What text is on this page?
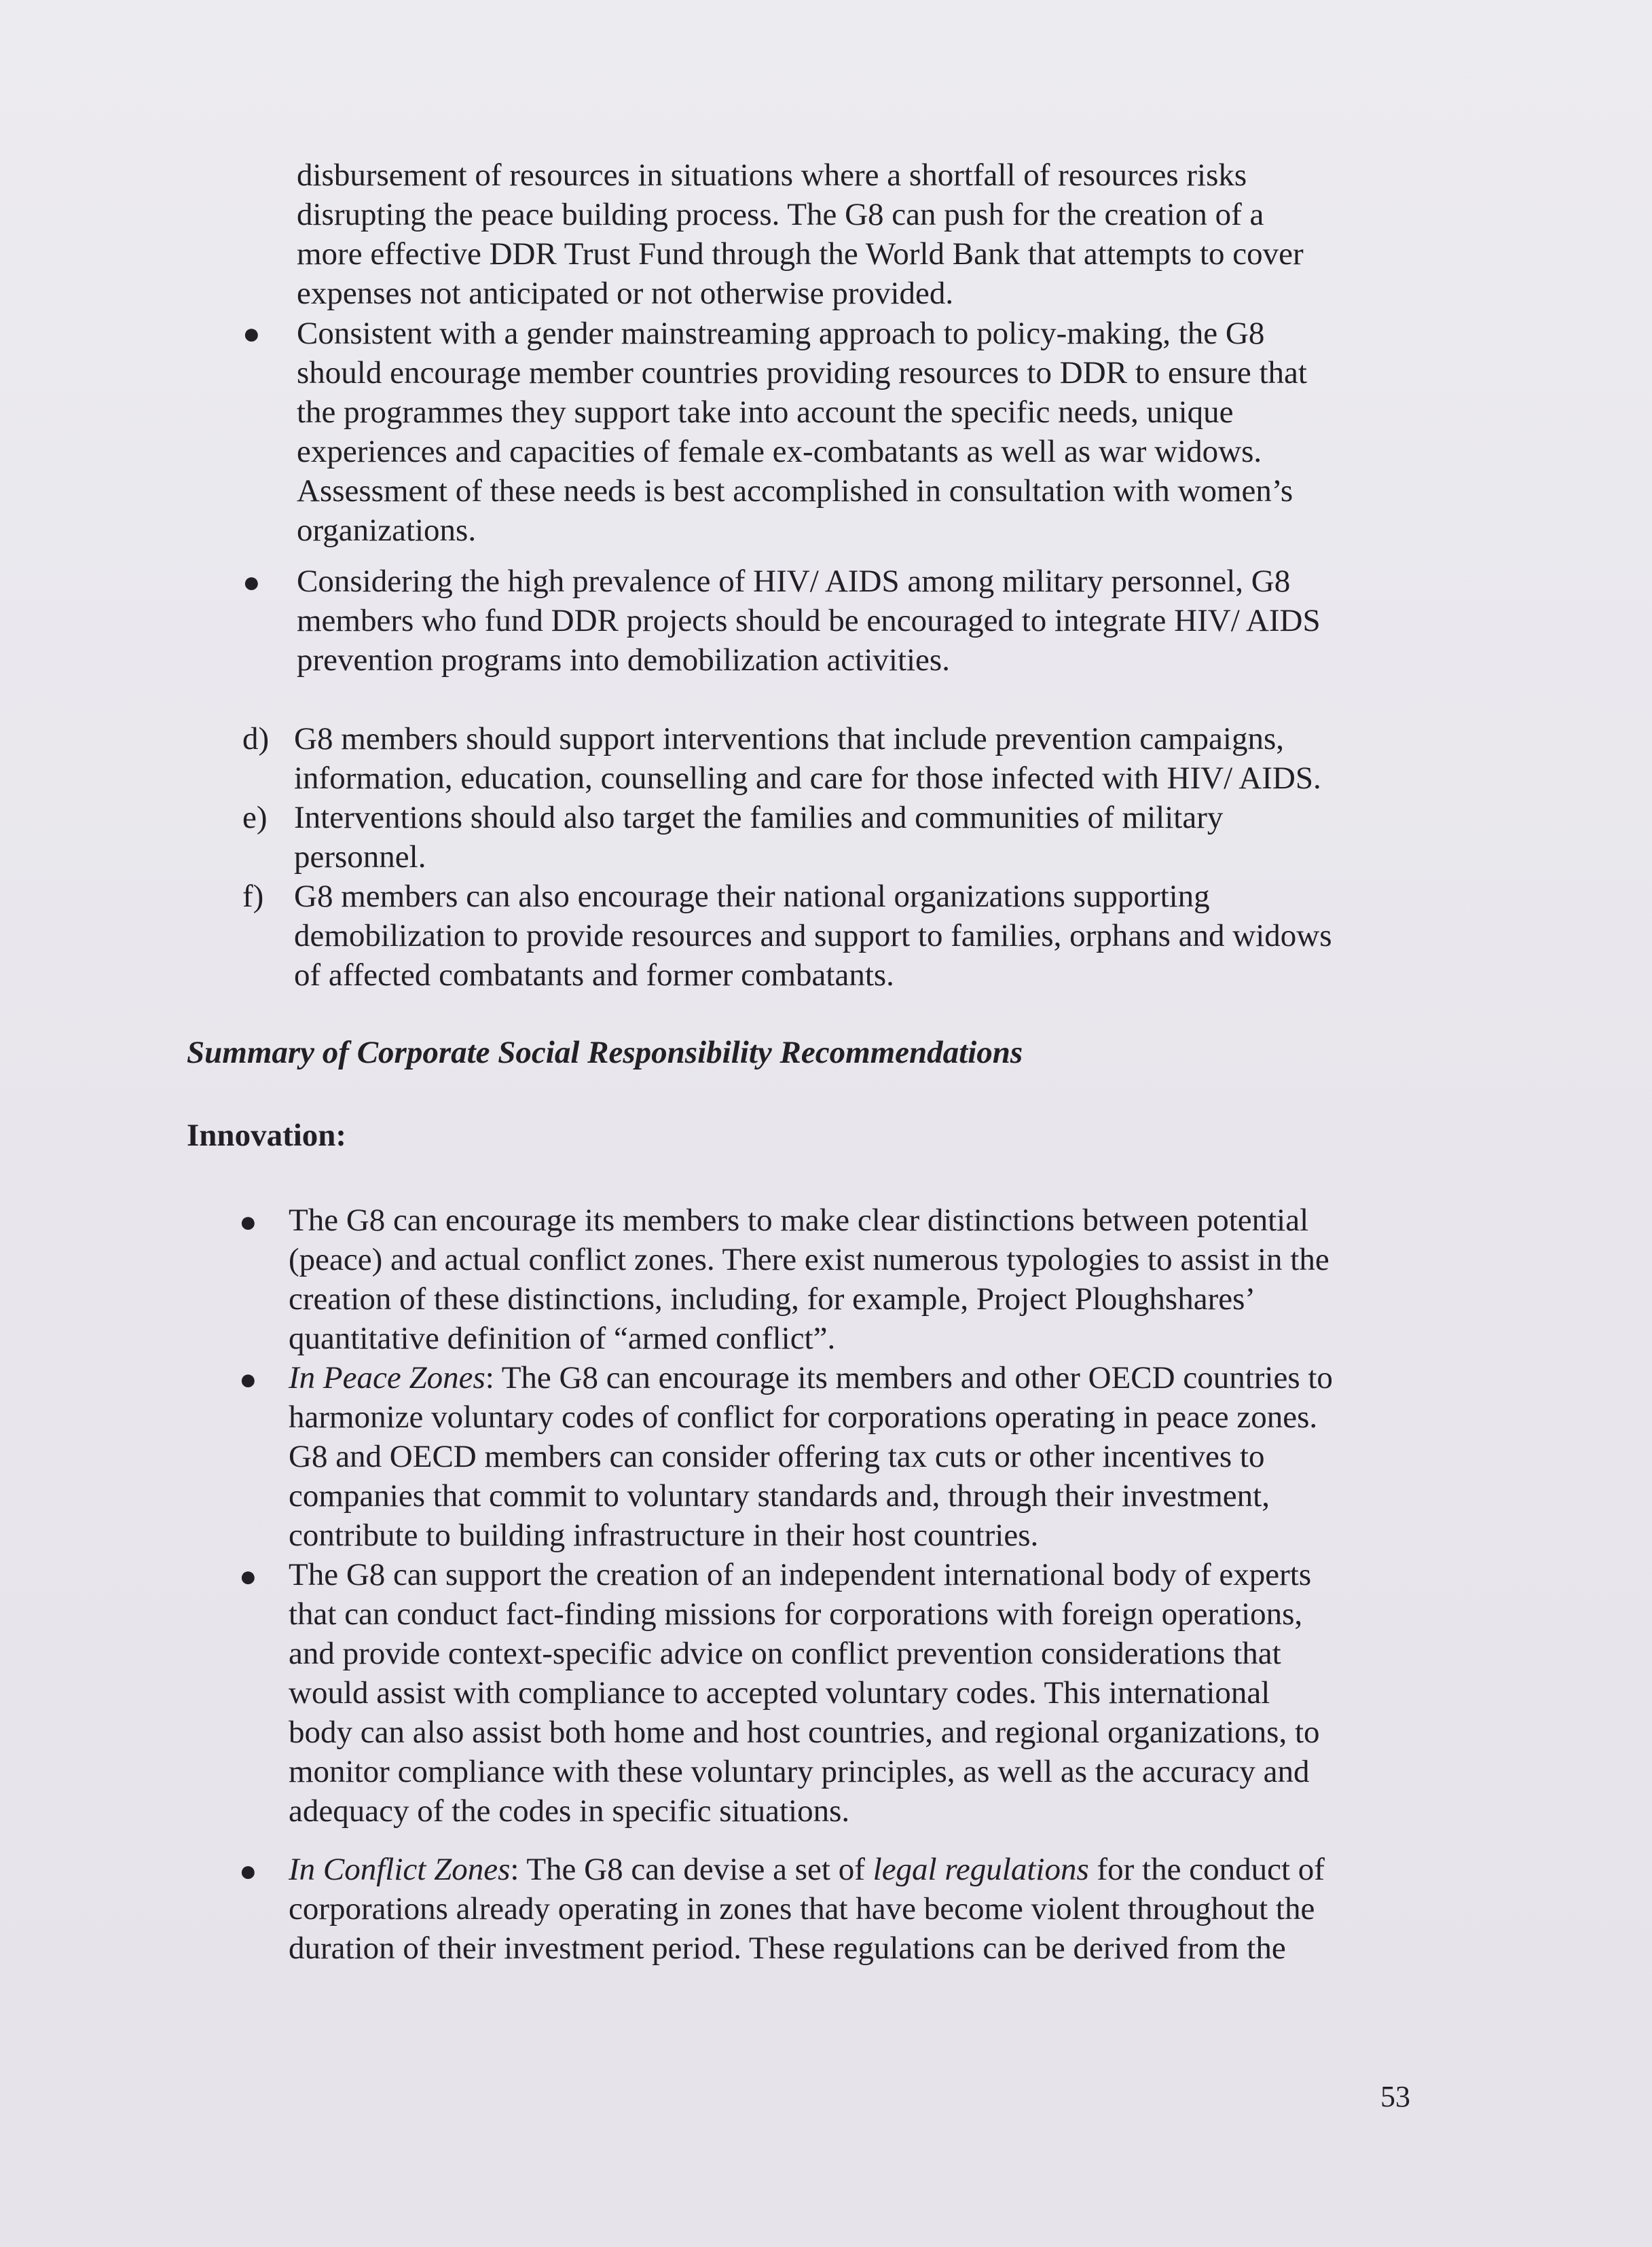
disbursement of resources in situations where a shortfall of resources risks
disrupting the peace building process. The G8 can push for the creation of a
more effective DDR Trust Fund through the World Bank that attempts to cover
expenses not anticipated or not otherwise provided.
● Consistent with a gender mainstreaming approach to policy-making, the G8
should encourage member countries providing resources to DDR to ensure that
the programmes they support take into account the specific needs, unique
experiences and capacities of female ex-combatants as well as war widows.
Assessment of these needs is best accomplished in consultation with women’s
organizations.
● Considering the high prevalence of HIV/ AIDS among military personnel, G8
members who fund DDR projects should be encouraged to integrate HIV/ AIDS
prevention programs into demobilization activities.
d) G8 members should support interventions that include prevention campaigns,
information, education, counselling and care for those infected with HIV/ AIDS.
e) Interventions should also target the families and communities of military
personnel.
f) G8 members can also encourage their national organizations supporting
demobilization to provide resources and support to families, orphans and widows
of affected combatants and former combatants.
Summary of Corporate Social Responsibility Recommendations
Innovation:
● The G8 can encourage its members to make clear distinctions between potential
(peace) and actual conflict zones. There exist numerous typologies to assist in the
creation of these distinctions, including, for example, Project Ploughshares’
quantitative definition of “armed conflict”.
● In Peace Zones: The G8 can encourage its members and other OECD countries to
harmonize voluntary codes of conflict for corporations operating in peace zones.
G8 and OECD members can consider offering tax cuts or other incentives to
companies that commit to voluntary standards and, through their investment,
contribute to building infrastructure in their host countries.
● The G8 can support the creation of an independent international body of experts
that can conduct fact-finding missions for corporations with foreign operations,
and provide context-specific advice on conflict prevention considerations that
would assist with compliance to accepted voluntary codes. This international
body can also assist both home and host countries, and regional organizations, to
monitor compliance with these voluntary principles, as well as the accuracy and
adequacy of the codes in specific situations.
● In Conflict Zones: The G8 can devise a set of legal regulations for the conduct of
corporations already operating in zones that have become violent throughout the
duration of their investment period. These regulations can be derived from the
53
